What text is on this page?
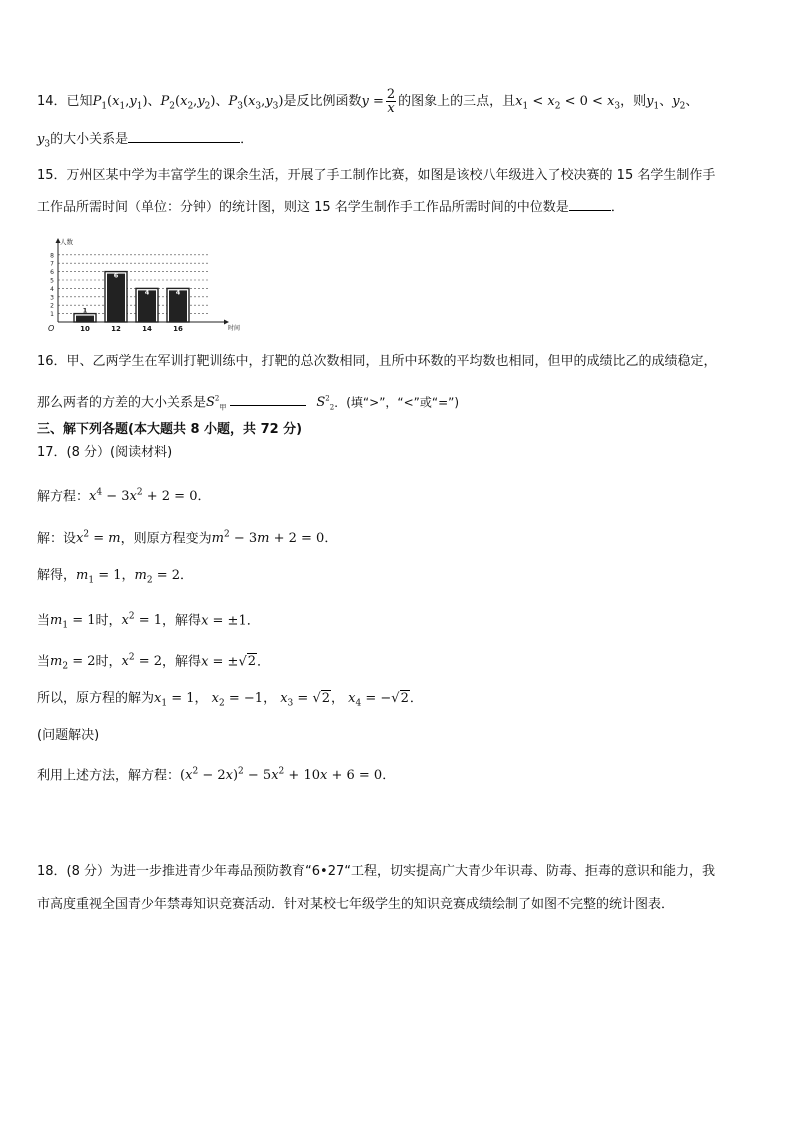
14．已知$P_1(x_1,y_1)$、$P_2(x_2,y_2)$、$P_3(x_3,y_3)$是反比例函数$y = \frac{2}{x}$ 的图象上的三点，且$x_1 < x_2 < 0 < x_3$，则$y_1$、$y_2$、
$y_3$的大小关系是	．
15．万州区某中学为丰富学生的课余生活，开展了手工制作比赛，如图是该校八年级进入了校决赛的 15 名学生制作手
工作品所需时间（单位：分钟）的统计图，则这 15 名学生制作手工作品所需时间的中位数是	．
1
2
3
4
5
6
7
8
人数
时间
O
1
10
6
12
4
14
4
16
16．甲、乙两学生在军训打靶训练中，打靶的总次数相同，且所中环数的平均数也相同，但甲的成绩比乙的成绩稳定，
那么两者的方差的大小关系是$S^2_甲$	$S^2_2$．(填“>”，“<”或“=”)
三、解下列各题(本大题共 8 小题，共 72 分)
17．(8 分）(阅读材料)
解方程：$x^4 - 3x^2 + 2 = 0$．
解：设$x^2 = m$，则原方程变为$m^2 - 3m + 2 = 0$．
解得，$m_1 = 1$，$m_2 = 2$．
当$m_1 = 1$时，$x^2 = 1$，解得x = ±1．
当$m_2 = 2$时，$x^2 = 2$，解得x = ±√2．
所以，原方程的解为$x_1 = 1$， $x_2 = -1$， $x_3 = √2$， $x_4 = -√2$．
(问题解决)
利用上述方法，解方程：$(x^2 - 2x)^2 - 5x^2 + 10x + 6 = 0$．
18．(8 分）为进一步推进青少年毒品预防教育“6•27“工程，切实提高广大青少年识毒、防毒、拒毒的意识和能力，我
市高度重视全国青少年禁毒知识竞赛活动．针对某校七年级学生的知识竞赛成绩绘制了如图不完整的统计图表．
